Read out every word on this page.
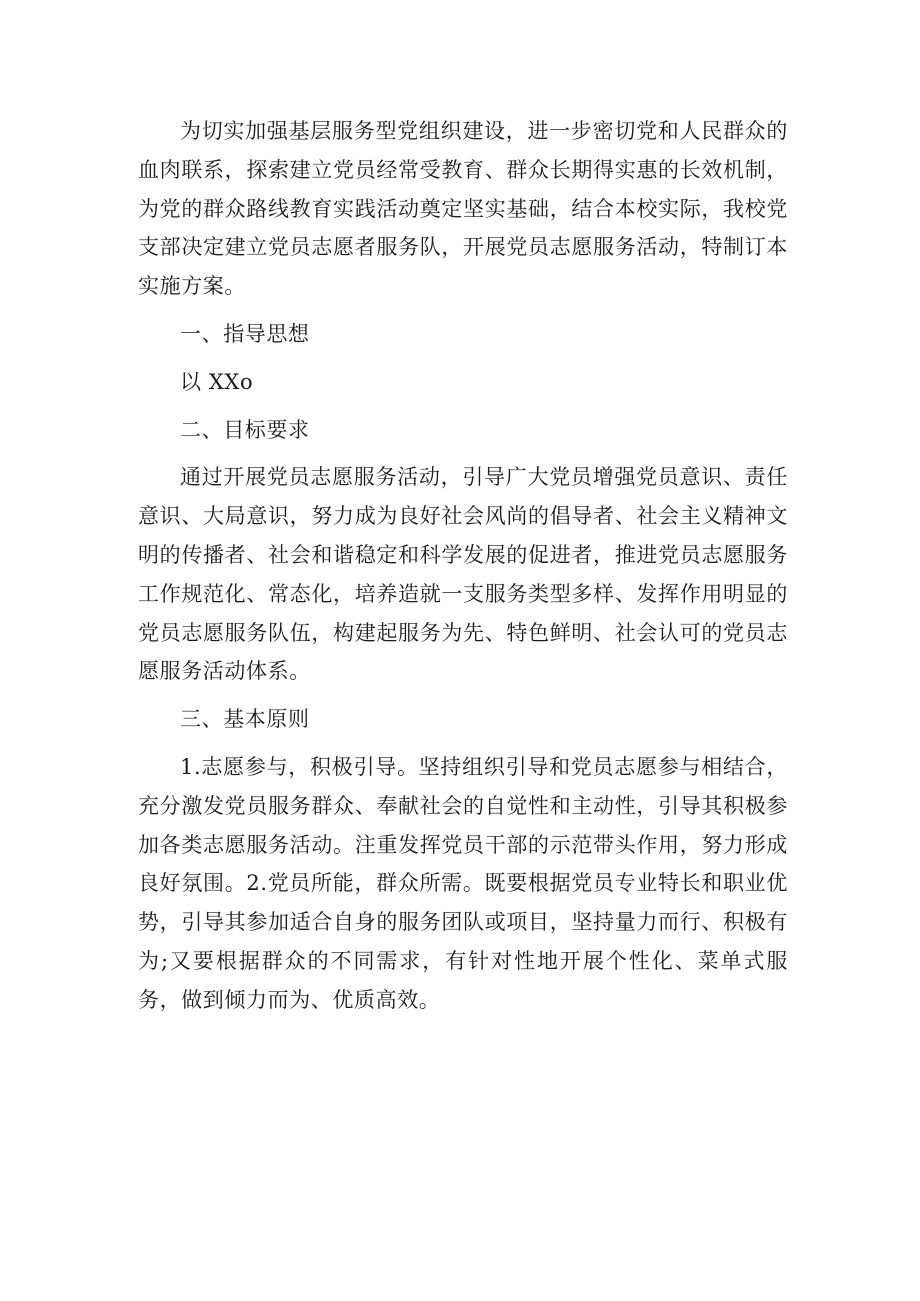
为切实加强基层服务型党组织建设，进一步密切党和人民群众的血肉联系，探索建立党员经常受教育、群众长期得实惠的长效机制，为党的群众路线教育实践活动奠定坚实基础，结合本校实际，我校党支部决定建立党员志愿者服务队，开展党员志愿服务活动，特制订本实施方案。

一、指导思想

以 XXo

二、目标要求

通过开展党员志愿服务活动，引导广大党员增强党员意识、责任意识、大局意识，努力成为良好社会风尚的倡导者、社会主义精神文明的传播者、社会和谐稳定和科学发展的促进者，推进党员志愿服务工作规范化、常态化，培养造就一支服务类型多样、发挥作用明显的党员志愿服务队伍，构建起服务为先、特色鲜明、社会认可的党员志愿服务活动体系。

三、基本原则

1.志愿参与，积极引导。坚持组织引导和党员志愿参与相结合，充分激发党员服务群众、奉献社会的自觉性和主动性，引导其积极参加各类志愿服务活动。注重发挥党员干部的示范带头作用，努力形成良好氛围。2.党员所能，群众所需。既要根据党员专业特长和职业优势，引导其参加适合自身的服务团队或项目，坚持量力而行、积极有为;又要根据群众的不同需求，有针对性地开展个性化、菜单式服务，做到倾力而为、优质高效。
